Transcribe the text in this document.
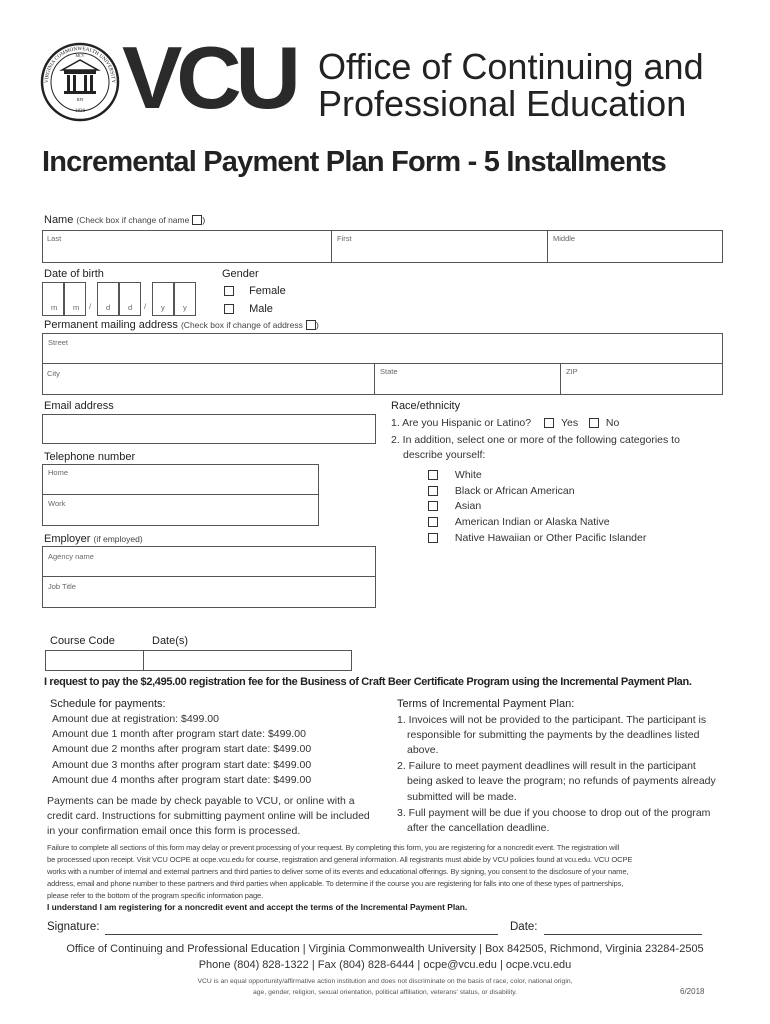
VIRGINIA COMMONWEALTH UNIVERSITY
MCV
RPI
1838 VCU Office of Continuing and
Professional Education
Incremental Payment Plan Form - 5 Installments
Name (Check box if change of name )
Last	First	Middle
Date of birth
m m / d d / y y
Gender
Female
Male
Permanent mailing address (Check box if change of address )
Street
City	State	ZIP
Email address
Telephone number
Home
Work
Employer (if employed)
Agency name
Job Title
Race/ethnicity
1. Are you Hispanic or Latino?	Yes	No
2. In addition, select one or more of the following categories to
describe yourself:
White
Black or African American
Asian
American Indian or Alaska Native
Native Hawaiian or Other Pacific Islander
Course Code	Date(s)
I request to pay the $2,495.00 registration fee for the Business of Craft Beer Certificate Program using the Incremental Payment Plan.
Schedule for payments:
Amount due at registration: $499.00
Amount due 1 month after program start date: $499.00
Amount due 2 months after program start date: $499.00
Amount due 3 months after program start date: $499.00
Amount due 4 months after program start date: $499.00
Payments can be made by check payable to VCU, or online with a
credit card. Instructions for submitting payment online will be included
in your confirmation email once this form is processed.
Terms of Incremental Payment Plan:
1. Invoices will not be provided to the participant. The participant is
responsible for submitting the payments by the deadlines listed
above.
2. Failure to meet payment deadlines will result in the participant
being asked to leave the program; no refunds of payments already
submitted will be made.
3. Full payment will be due if you choose to drop out of the program
after the cancellation deadline.
Failure to complete all sections of this form may delay or prevent processing of your request. By completing this form, you are registering for a noncredit event. The registration will
be processed upon receipt. Visit VCU OCPE at ocpe.vcu.edu for course, registration and general information. All registrants must abide by VCU policies found at vcu.edu. VCU OCPE
works with a number of internal and external partners and third parties to deliver some of its events and educational offerings. By signing, you consent to the disclosure of your name,
address, email and phone number to these partners and third parties when applicable. To determine if the course you are registering for falls into one of these types of partnerships,
please refer to the bottom of the program specific information page.
I understand I am registering for a noncredit event and accept the terms of the Incremental Payment Plan.
Signature:	Date:
Office of Continuing and Professional Education | Virginia Commonwealth University | Box 842505, Richmond, Virginia 23284-2505
Phone (804) 828-1322 | Fax (804) 828-6444 | ocpe@vcu.edu | ocpe.vcu.edu
VCU is an equal opportunity/affirmative action institution and does not discriminate on the basis of race, color, national origin,
age, gender, religion, sexual orientation, political affiliation, veterans' status, or disability.	6/2018
